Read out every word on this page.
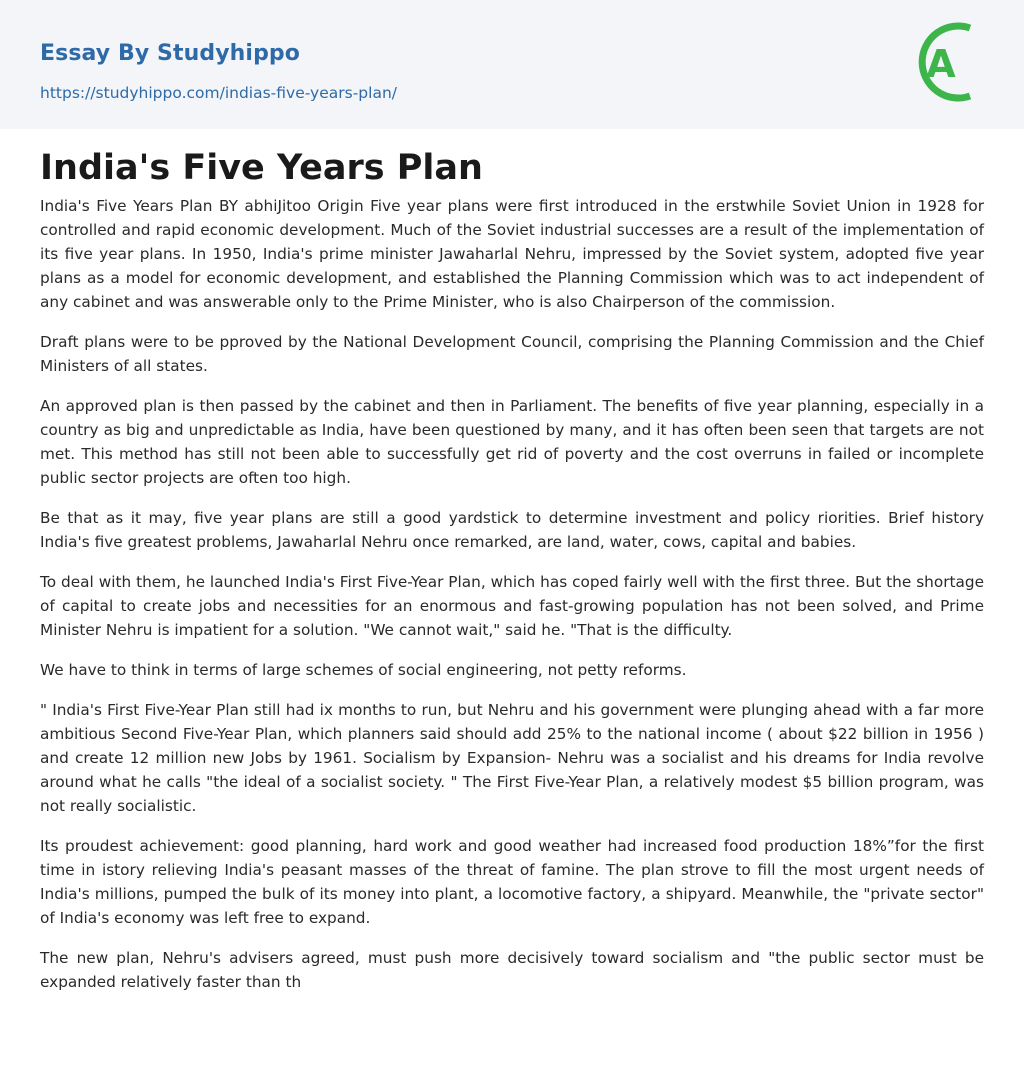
Essay By Studyhippo
https://studyhippo.com/indias-five-years-plan/
A
India's Five Years Plan

India's Five Years Plan BY abhiJitoo Origin Five year plans were first introduced in the erstwhile Soviet Union in 1928 for controlled and rapid economic development. Much of the Soviet industrial successes are a result of the implementation of its five year plans. In 1950, India's prime minister Jawaharlal Nehru, impressed by the Soviet system, adopted five year plans as a model for economic development, and established the Planning Commission which was to act independent of any cabinet and was answerable only to the Prime Minister, who is also Chairperson of the commission.

Draft plans were to be pproved by the National Development Council, comprising the Planning Commission and the Chief Ministers of all states.

An approved plan is then passed by the cabinet and then in Parliament. The benefits of five year planning, especially in a country as big and unpredictable as India, have been questioned by many, and it has often been seen that targets are not met. This method has still not been able to successfully get rid of poverty and the cost overruns in failed or incomplete public sector projects are often too high.

Be that as it may, five year plans are still a good yardstick to determine investment and policy riorities. Brief history India's five greatest problems, Jawaharlal Nehru once remarked, are land, water, cows, capital and babies.

To deal with them, he launched India's First Five-Year Plan, which has coped fairly well with the first three. But the shortage of capital to create jobs and necessities for an enormous and fast-growing population has not been solved, and Prime Minister Nehru is impatient for a solution. "We cannot wait," said he. "That is the difficulty.

We have to think in terms of large schemes of social engineering, not petty reforms.

" India's First Five-Year Plan still had ix months to run, but Nehru and his government were plunging ahead with a far more ambitious Second Five-Year Plan, which planners said should add 25% to the national income ( about $22 billion in 1956 ) and create 12 million new Jobs by 1961. Socialism by Expansion- Nehru was a socialist and his dreams for India revolve around what he calls "the ideal of a socialist society. " The First Five-Year Plan, a relatively modest $5 billion program, was not really socialistic.

Its proudest achievement: good planning, hard work and good weather had increased food production 18%”for the first time in istory relieving India's peasant masses of the threat of famine. The plan strove to fill the most urgent needs of India's millions, pumped the bulk of its money into plant, a locomotive factory, a shipyard. Meanwhile, the "private sector" of India's economy was left free to expand.

The new plan, Nehru's advisers agreed, must push more decisively toward socialism and "the public sector must be expanded relatively faster than th
